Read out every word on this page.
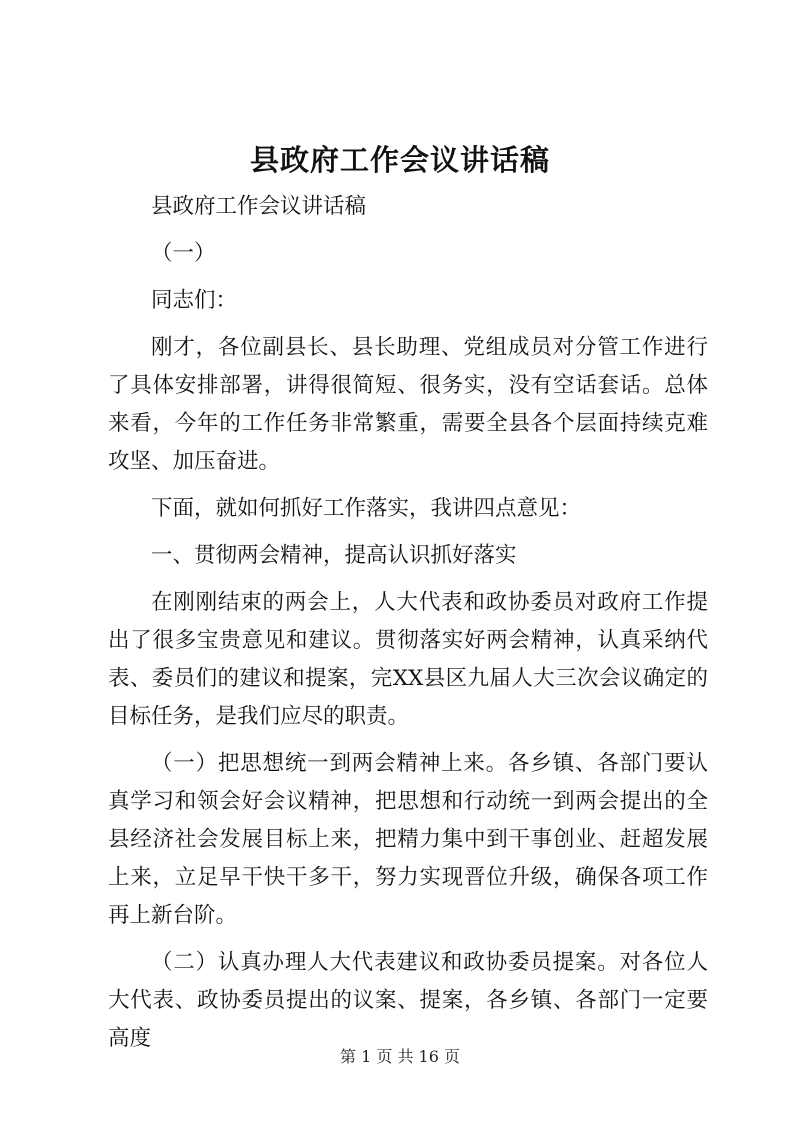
县政府工作会议讲话稿

县政府工作会议讲话稿

（一）

同志们：

刚才，各位副县长、县长助理、党组成员对分管工作进行了具体安排部署，讲得很简短、很务实，没有空话套话。总体来看，今年的工作任务非常繁重，需要全县各个层面持续克难攻坚、加压奋进。

下面，就如何抓好工作落实，我讲四点意见：

一、贯彻两会精神，提高认识抓好落实

在刚刚结束的两会上，人大代表和政协委员对政府工作提出了很多宝贵意见和建议。贯彻落实好两会精神，认真采纳代表、委员们的建议和提案，完XX县区九届人大三次会议确定的目标任务，是我们应尽的职责。

（一）把思想统一到两会精神上来。各乡镇、各部门要认真学习和领会好会议精神，把思想和行动统一到两会提出的全县经济社会发展目标上来，把精力集中到干事创业、赶超发展上来，立足早干快干多干，努力实现晋位升级，确保各项工作再上新台阶。

（二）认真办理人大代表建议和政协委员提案。对各位人大代表、政协委员提出的议案、提案，各乡镇、各部门一定要高度

第 1 页 共 16 页
